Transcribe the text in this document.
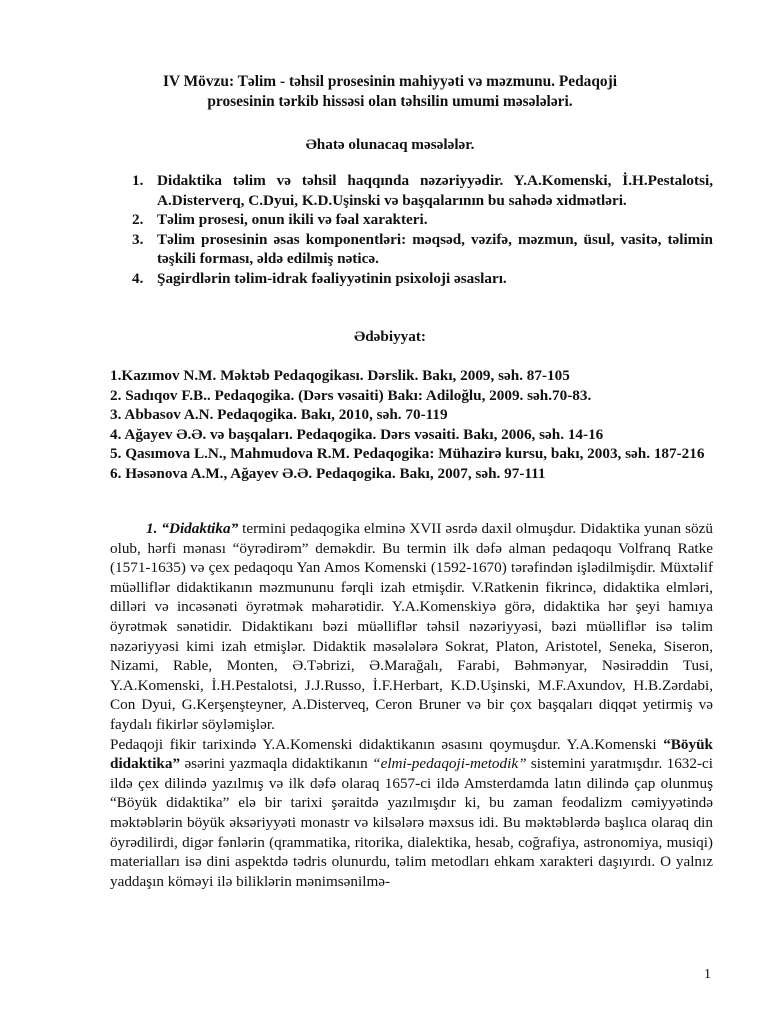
IV Mövzu: Təlim - təhsil prosesinin mahiyyəti və məzmunu. Pedaqoji
prosesinin tərkib hissəsi olan təhsilin umumi məsələləri.
Əhatə olunacaq məsələlər.
1. Didaktika təlim və təhsil haqqında nəzəriyyədir. Y.A.Komenski, İ.H.Pestalotsi, A.Disterverq, C.Dyui, K.D.Uşinski və başqalarının bu sahədə xidmətləri.
2. Təlim prosesi, onun ikili və fəal xarakteri.
3. Təlim prosesinin əsas komponentləri: məqsəd, vəzifə, məzmun, üsul, vasitə, təlimin təşkili forması, əldə edilmiş nəticə.
4. Şagirdlərin təlim-idrak fəaliyyətinin psixoloji əsasları.
Ədəbiyyat:
1.Kazımov N.M. Məktəb Pedaqogikası. Dərslik. Bakı, 2009, səh. 87-105
2. Sadıqov F.B.. Pedaqogika. (Dərs vəsaiti) Bakı: Adiloğlu, 2009. səh.70-83.
3. Abbasov A.N. Pedaqogika. Bakı, 2010, səh. 70-119
4. Ağayev Ə.Ə. və başqaları. Pedaqogika. Dərs vəsaiti. Bakı, 2006, səh. 14-16
5. Qasımova L.N., Mahmudova R.M. Pedaqogika: Mühazirə kursu, bakı, 2003, səh. 187-216
6. Həsənova A.M., Ağayev Ə.Ə. Pedaqogika. Bakı, 2007, səh. 97-111

1. “Didaktika” termini pedaqogika elminə XVII əsrdə daxil olmuşdur. Didaktika yunan sözü olub, hərfi mənası “öyrədirəm” deməkdir. Bu termin ilk dəfə alman pedaqoqu Volfranq Ratke (1571-1635) və çex pedaqoqu Yan Amos Komenski (1592-1670) tərəfindən işlədilmişdir. Müxtəlif müəlliflər didaktikanın məzmununu fərqli izah etmişdir. V.Ratkenin fikrincə, didaktika elmləri, dilləri və incəsənəti öyrətmək məharətidir. Y.A.Komenskiyə görə, didaktika hər şeyi hamıya öyrətmək sənətidir. Didaktikanı bəzi müəlliflər təhsil nəzəriyyəsi, bəzi müəlliflər isə təlim nəzəriyyəsi kimi izah etmişlər. Didaktik məsələlərə Sokrat, Platon, Aristotel, Seneka, Siseron, Nizami, Rable, Monten, Ə.Təbrizi, Ə.Marağalı, Farabi, Bəhmənyar, Nəsirəddin Tusi, Y.A.Komenski, İ.H.Pestalotsi, J.J.Russo, İ.F.Herbart, K.D.Uşinski, M.F.Axundov, H.B.Zərdabi, Con Dyui, G.Kerşenşteyner, A.Disterveq, Ceron Bruner və bir çox başqaları diqqət yetirmiş və faydalı fikirlər söyləmişlər.

Pedaqoji fikir tarixində Y.A.Komenski didaktikanın əsasını qoymuşdur. Y.A.Komenski “Böyük didaktika” əsərini yazmaqla didaktikanın “elmi-pedaqoji-metodik” sistemini yaratmışdır. 1632-ci ildə çex dilində yazılmış və ilk dəfə olaraq 1657-ci ildə Amsterdamda latın dilində çap olunmuş “Böyük didaktika” elə bir tarixi şəraitdə yazılmışdır ki, bu zaman feodalizm cəmiyyətində məktəblərin böyük əksəriyyəti monastr və kilsələrə məxsus idi. Bu məktəblərdə başlıca olaraq din öyrədilirdi, digər fənlərin (qrammatika, ritorika, dialektika, hesab, coğrafiya, astronomiya, musiqi) materialları isə dini aspektdə tədris olunurdu, təlim metodları ehkam xarakteri daşıyırdı. O yalnız yaddaşın köməyi ilə biliklərin mənimsənilmə-

1
